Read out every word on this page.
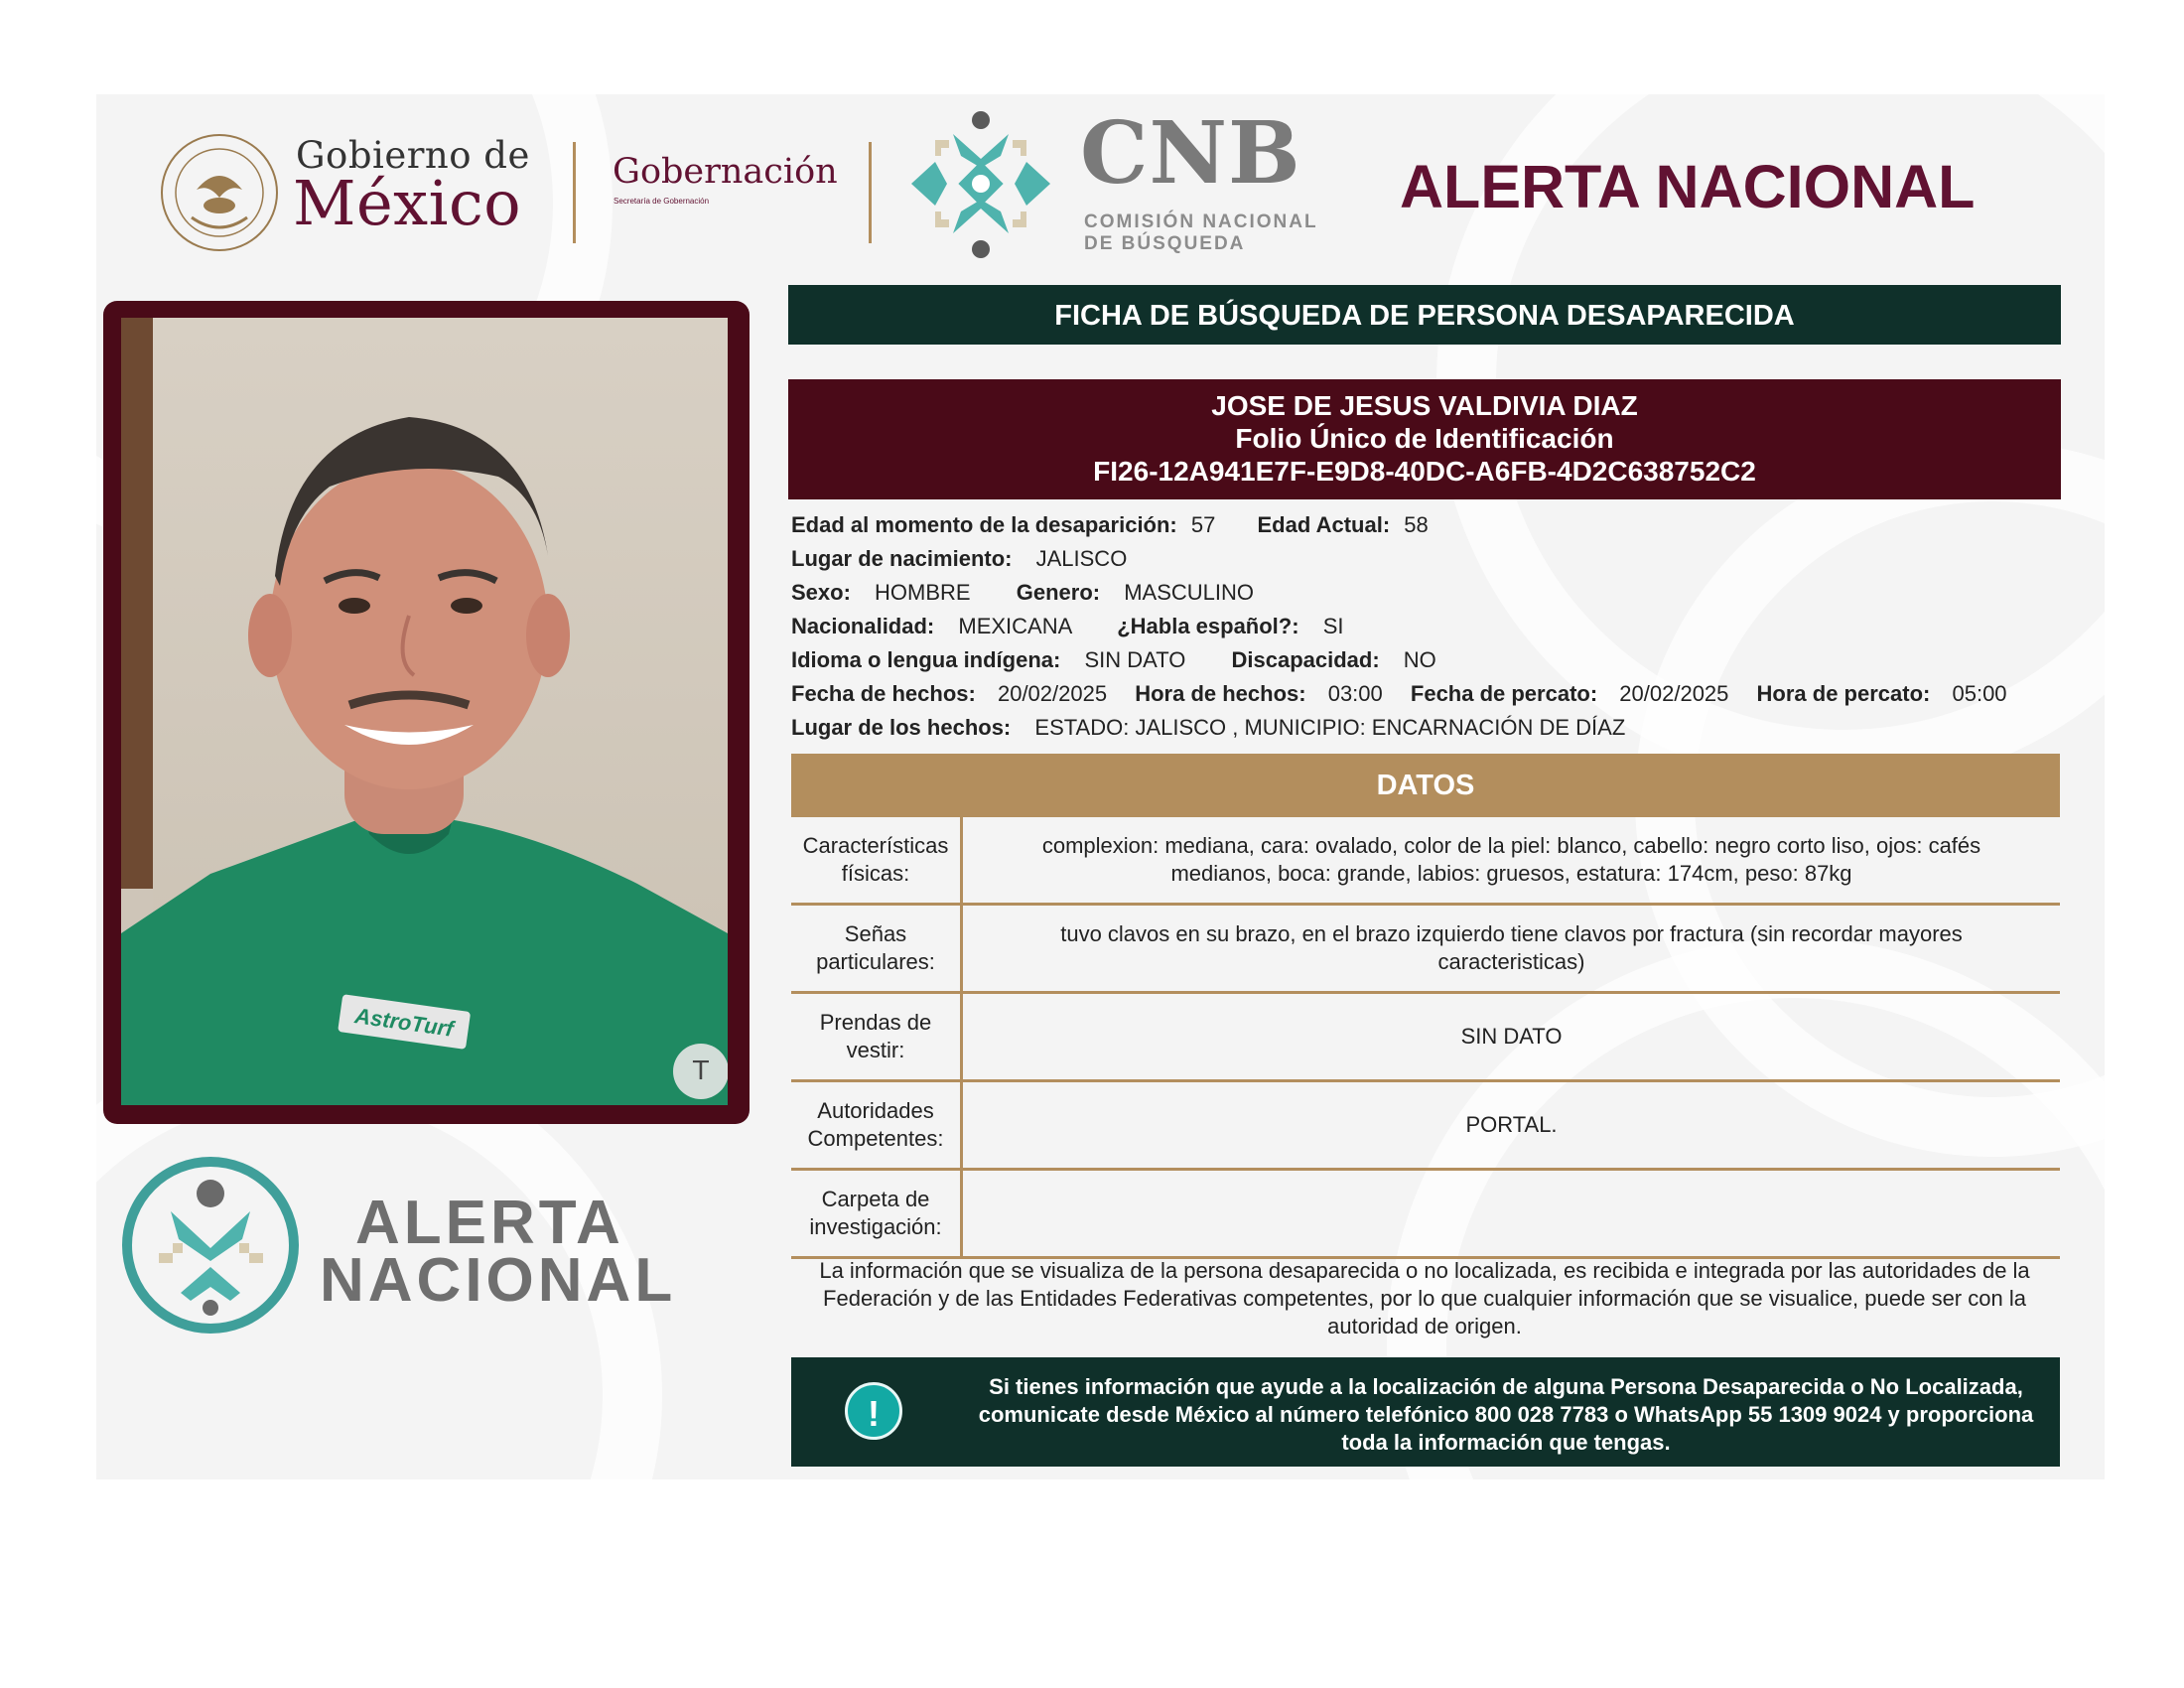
Gobierno de
México	Gobernación
Secretaría de Gobernación	CNB
COMISIÓN NACIONAL
DE BÚSQUEDA
ALERTA NACIONAL
AstroTurf
T
ALERTA
NACIONAL
FICHA DE BÚSQUEDA DE PERSONA DESAPARECIDA
JOSE DE JESUS VALDIVIA DIAZ
Folio Único de Identificación
FI26-12A941E7F-E9D8-40DC-A6FB-4D2C638752C2
Edad al momento de la desaparición: 57 Edad Actual: 58
Lugar de nacimiento: JALISCO
Sexo: HOMBRE Genero: MASCULINO
Nacionalidad: MEXICANA ¿Habla español?: SI
Idioma o lengua indígena: SIN DATO Discapacidad: NO
Fecha de hechos: 20/02/2025 Hora de hechos: 03:00 Fecha de percato: 20/02/2025 Hora de percato: 05:00
Lugar de los hechos: ESTADO: JALISCO , MUNICIPIO: ENCARNACIÓN DE DÍAZ
DATOS
Características físicas:
complexion: mediana, cara: ovalado, color de la piel: blanco, cabello: negro corto liso, ojos: cafés medianos, boca: grande, labios: gruesos, estatura: 174cm, peso: 87kg
Señas particulares:
tuvo clavos en su brazo, en el brazo izquierdo tiene clavos por fractura (sin recordar mayores caracteristicas)
Prendas de vestir:
SIN DATO
Autoridades Competentes:
PORTAL.
Carpeta de investigación:
La información que se visualiza de la persona desaparecida o no localizada, es recibida e integrada por las autoridades de la Federación y de las Entidades Federativas competentes, por lo que cualquier información que se visualice, puede ser con la autoridad de origen.
!
Si tienes información que ayude a la localización de alguna Persona Desaparecida o No Localizada, comunicate desde México al número telefónico 800 028 7783 o WhatsApp 55 1309 9024 y proporciona toda la información que tengas.
